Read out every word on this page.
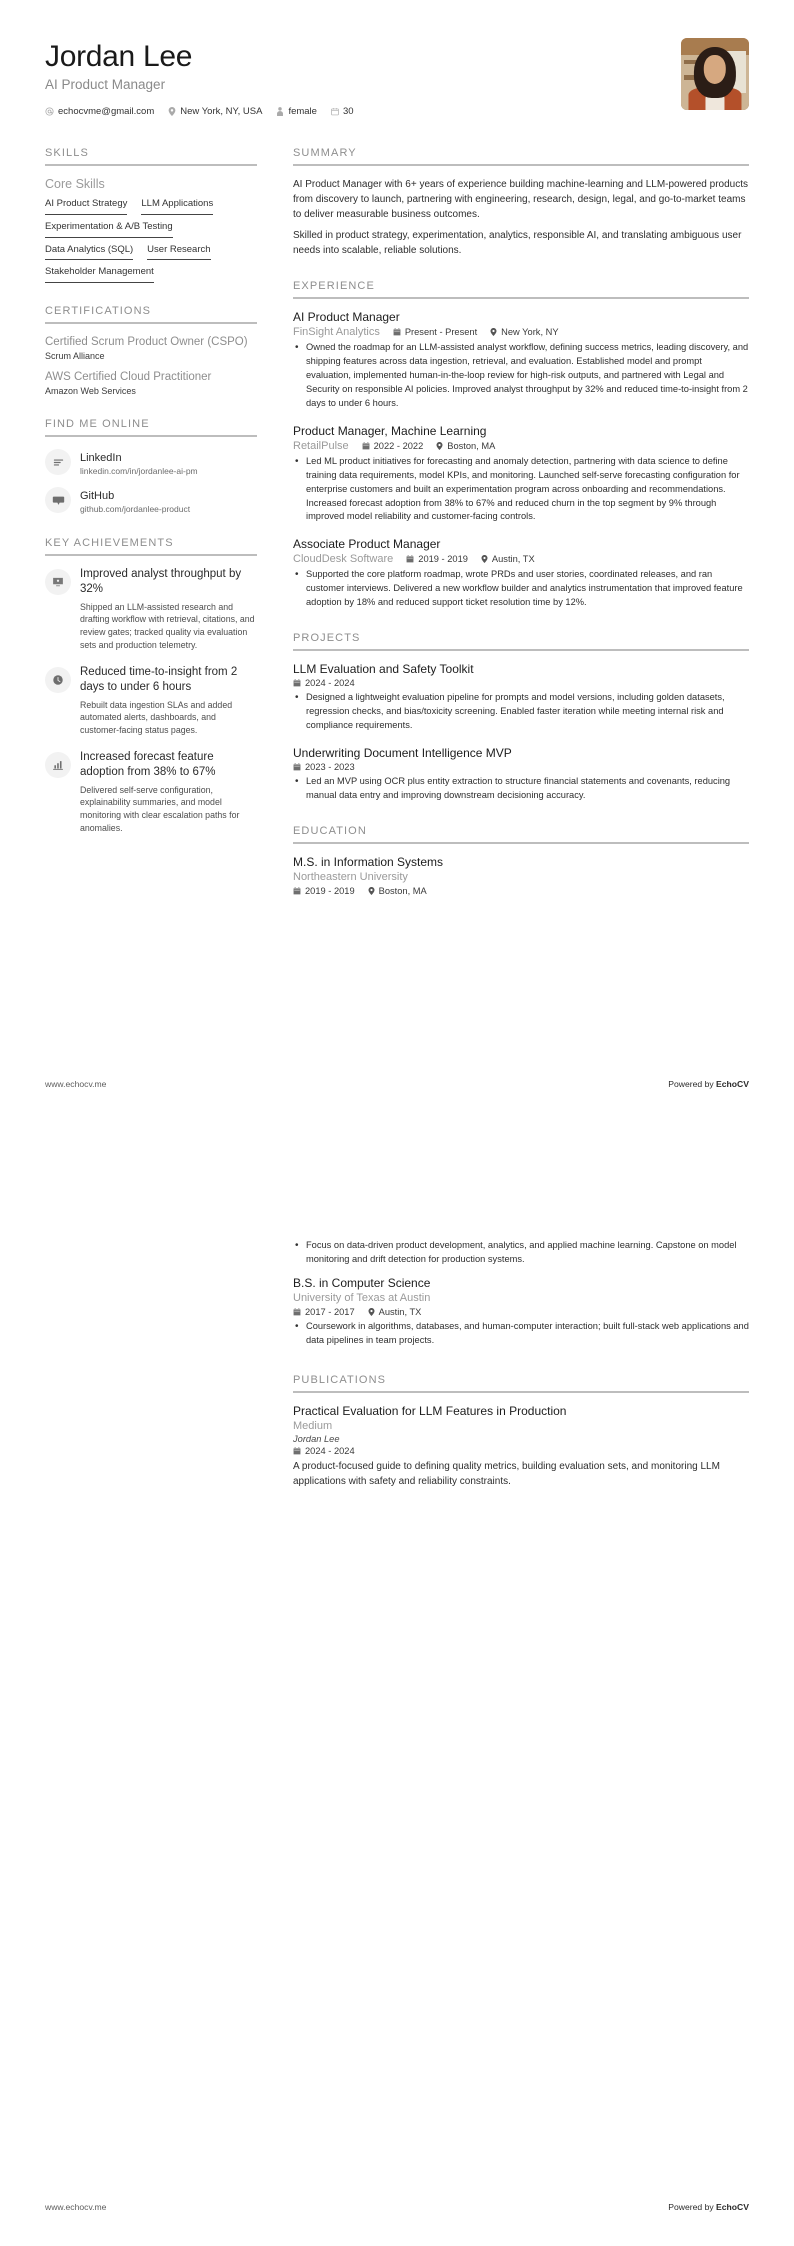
Jordan Lee
AI Product Manager
echocvme@gmail.com	New York, NY, USA	female	30
SKILLS
Core Skills
AI Product Strategy LLM Applications
Experimentation & A/B Testing
Data Analytics (SQL) User Research
Stakeholder Management
CERTIFICATIONS
Certified Scrum Product Owner (CSPO)
Scrum Alliance
AWS Certified Cloud Practitioner
Amazon Web Services
FIND ME ONLINE
LinkedIn
linkedin.com/in/jordanlee-ai-pm
GitHub
github.com/jordanlee-product
KEY ACHIEVEMENTS
Improved analyst throughput by 32%
Shipped an LLM-assisted research and drafting workflow with retrieval, citations, and review gates; tracked quality via evaluation sets and production telemetry.
Reduced time-to-insight from 2 days to under 6 hours
Rebuilt data ingestion SLAs and added automated alerts, dashboards, and customer-facing status pages.
Increased forecast feature adoption from 38% to 67%
Delivered self-serve configuration, explainability summaries, and model monitoring with clear escalation paths for anomalies.
SUMMARY

AI Product Manager with 6+ years of experience building machine-learning and LLM-powered products from discovery to launch, partnering with engineering, research, design, legal, and go-to-market teams to deliver measurable business outcomes.

Skilled in product strategy, experimentation, analytics, responsible AI, and translating ambiguous user needs into scalable, reliable solutions.

EXPERIENCE
AI Product Manager
FinSight Analytics	Present - Present	New York, NY
• Owned the roadmap for an LLM-assisted analyst workflow, defining success metrics, leading discovery, and shipping features across data ingestion, retrieval, and evaluation. Established model and prompt evaluation, implemented human-in-the-loop review for high-risk outputs, and partnered with Legal and Security on responsible AI policies. Improved analyst throughput by 32% and reduced time-to-insight from 2 days to under 6 hours.
Product Manager, Machine Learning
RetailPulse	2022 - 2022	Boston, MA
• Led ML product initiatives for forecasting and anomaly detection, partnering with data science to define training data requirements, model KPIs, and monitoring. Launched self-serve forecasting configuration for enterprise customers and built an experimentation program across onboarding and recommendations. Increased forecast adoption from 38% to 67% and reduced churn in the top segment by 9% through improved model reliability and customer-facing controls.
Associate Product Manager
CloudDesk Software	2019 - 2019	Austin, TX
• Supported the core platform roadmap, wrote PRDs and user stories, coordinated releases, and ran customer interviews. Delivered a new workflow builder and analytics instrumentation that improved feature adoption by 18% and reduced support ticket resolution time by 12%.
PROJECTS
LLM Evaluation and Safety Toolkit
2024 - 2024
• Designed a lightweight evaluation pipeline for prompts and model versions, including golden datasets, regression checks, and bias/toxicity screening. Enabled faster iteration while meeting internal risk and compliance requirements.
Underwriting Document Intelligence MVP
2023 - 2023
• Led an MVP using OCR plus entity extraction to structure financial statements and covenants, reducing manual data entry and improving downstream decisioning accuracy.
EDUCATION
M.S. in Information Systems
Northeastern University
2019 - 2019	Boston, MA
www.echocv.me	Powered by EchoCV
• Focus on data-driven product development, analytics, and applied machine learning. Capstone on model monitoring and drift detection for production systems.
B.S. in Computer Science
University of Texas at Austin
2017 - 2017	Austin, TX
• Coursework in algorithms, databases, and human-computer interaction; built full-stack web applications and data pipelines in team projects.
PUBLICATIONS
Practical Evaluation for LLM Features in Production
Medium
Jordan Lee
2024 - 2024

A product-focused guide to defining quality metrics, building evaluation sets, and monitoring LLM applications with safety and reliability constraints.

www.echocv.me	Powered by EchoCV
